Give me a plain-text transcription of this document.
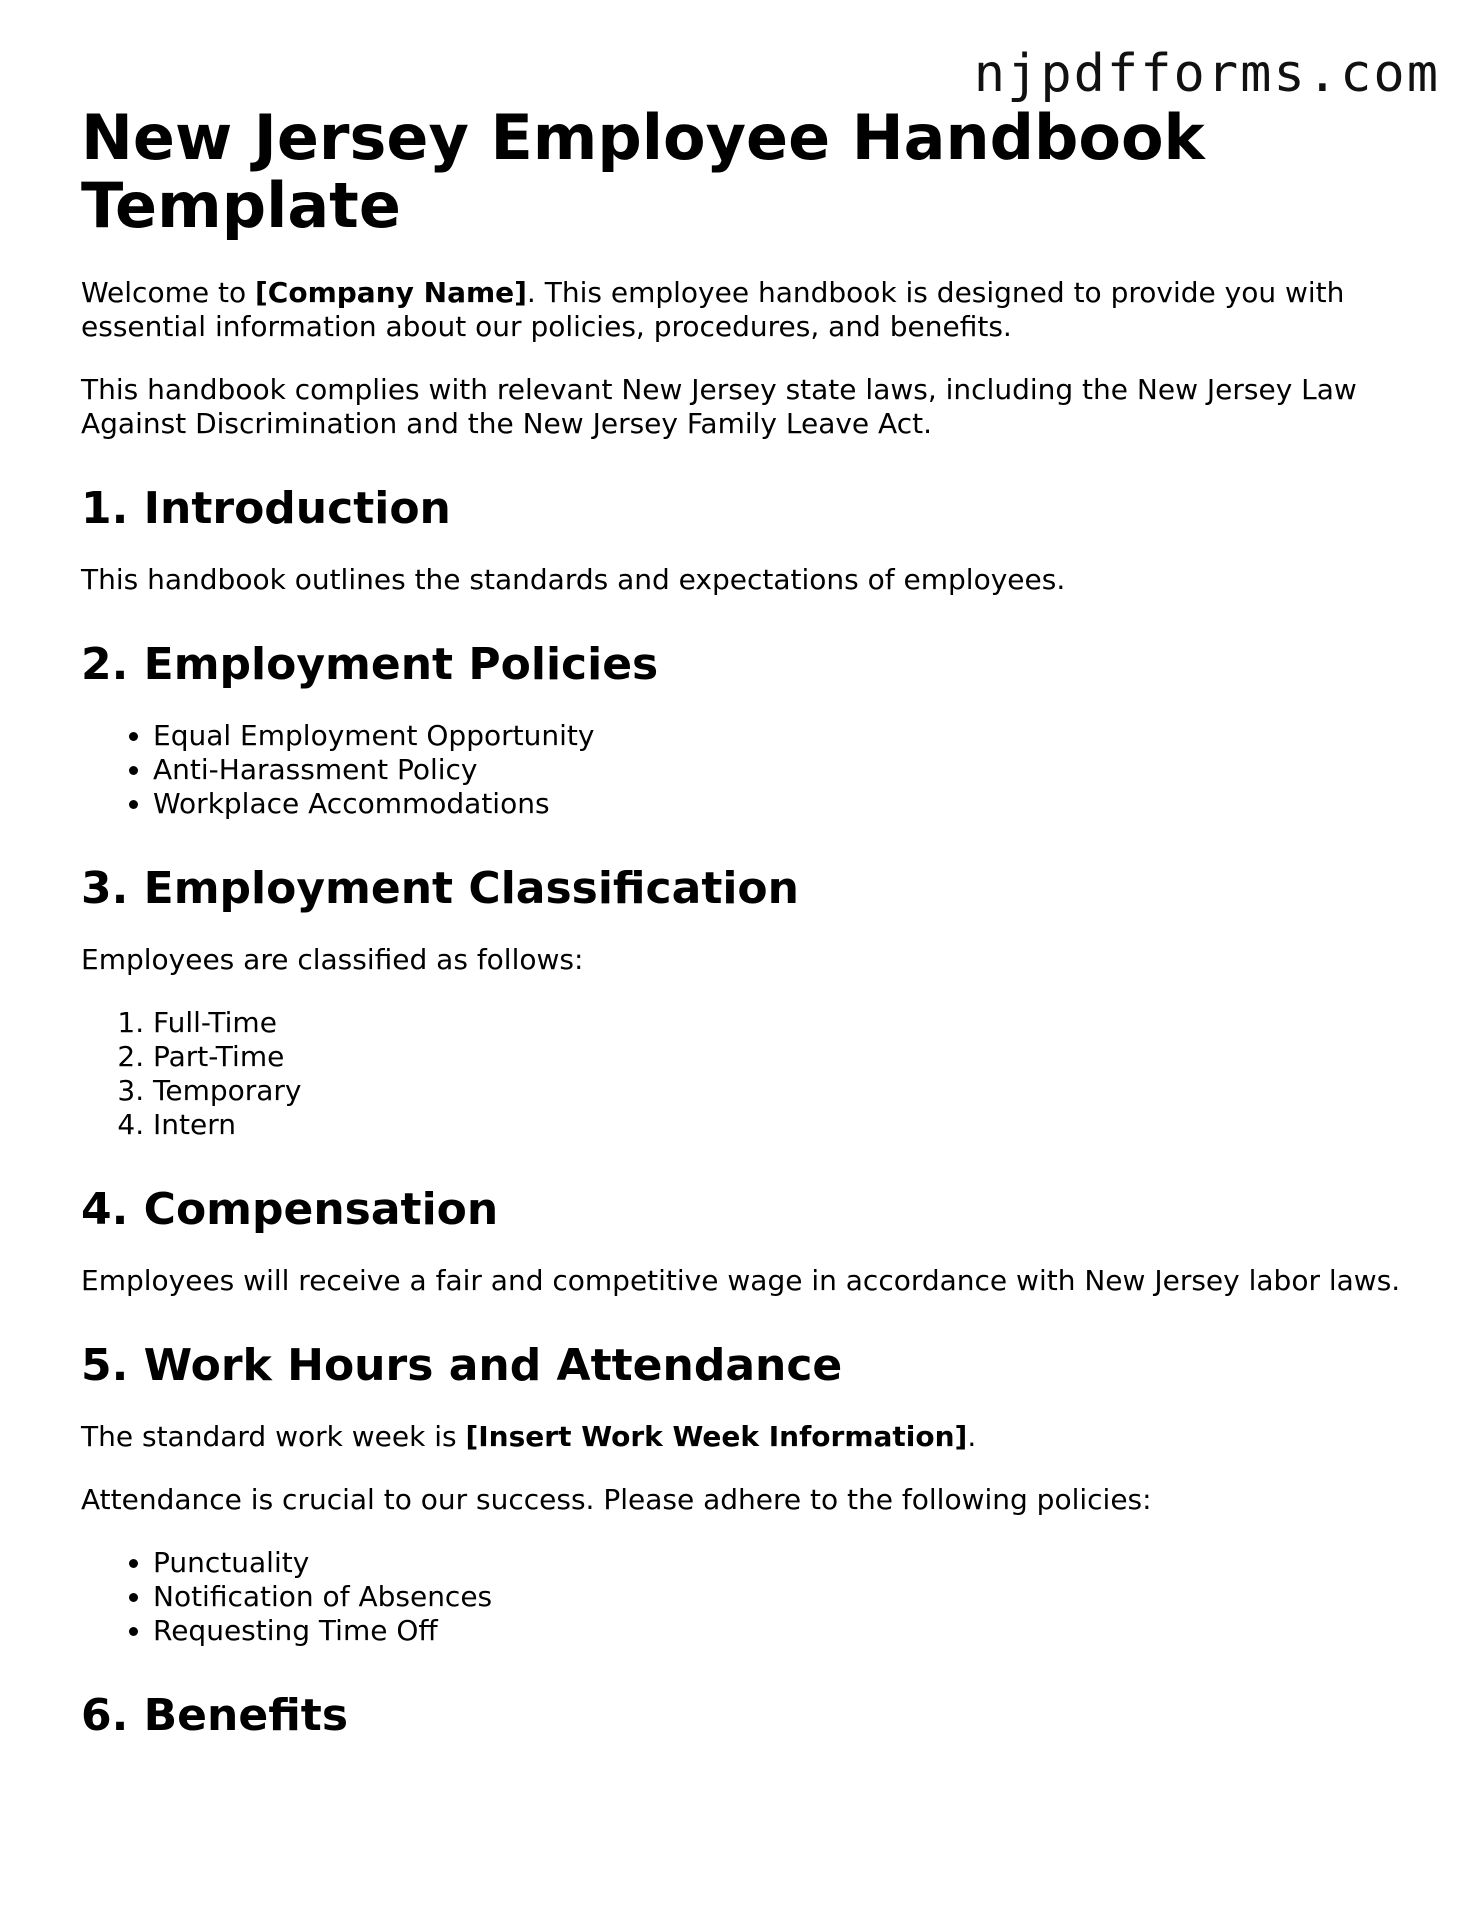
njpdfforms.com
New Jersey Employee Handbook Template

Welcome to [Company Name]. This employee handbook is designed to provide you with essential information about our policies, procedures, and benefits.

This handbook complies with relevant New Jersey state laws, including the New Jersey Law Against Discrimination and the New Jersey Family Leave Act.

1. Introduction

This handbook outlines the standards and expectations of employees.

2. Employment Policies
• Equal Employment Opportunity
• Anti-Harassment Policy
• Workplace Accommodations
3. Employment Classification

Employees are classified as follows:

1. Full-Time
2. Part-Time
3. Temporary
4. Intern
4. Compensation

Employees will receive a fair and competitive wage in accordance with New Jersey labor laws.

5. Work Hours and Attendance

The standard work week is [Insert Work Week Information].

Attendance is crucial to our success. Please adhere to the following policies:

• Punctuality
• Notification of Absences
• Requesting Time Off
6. Benefits
